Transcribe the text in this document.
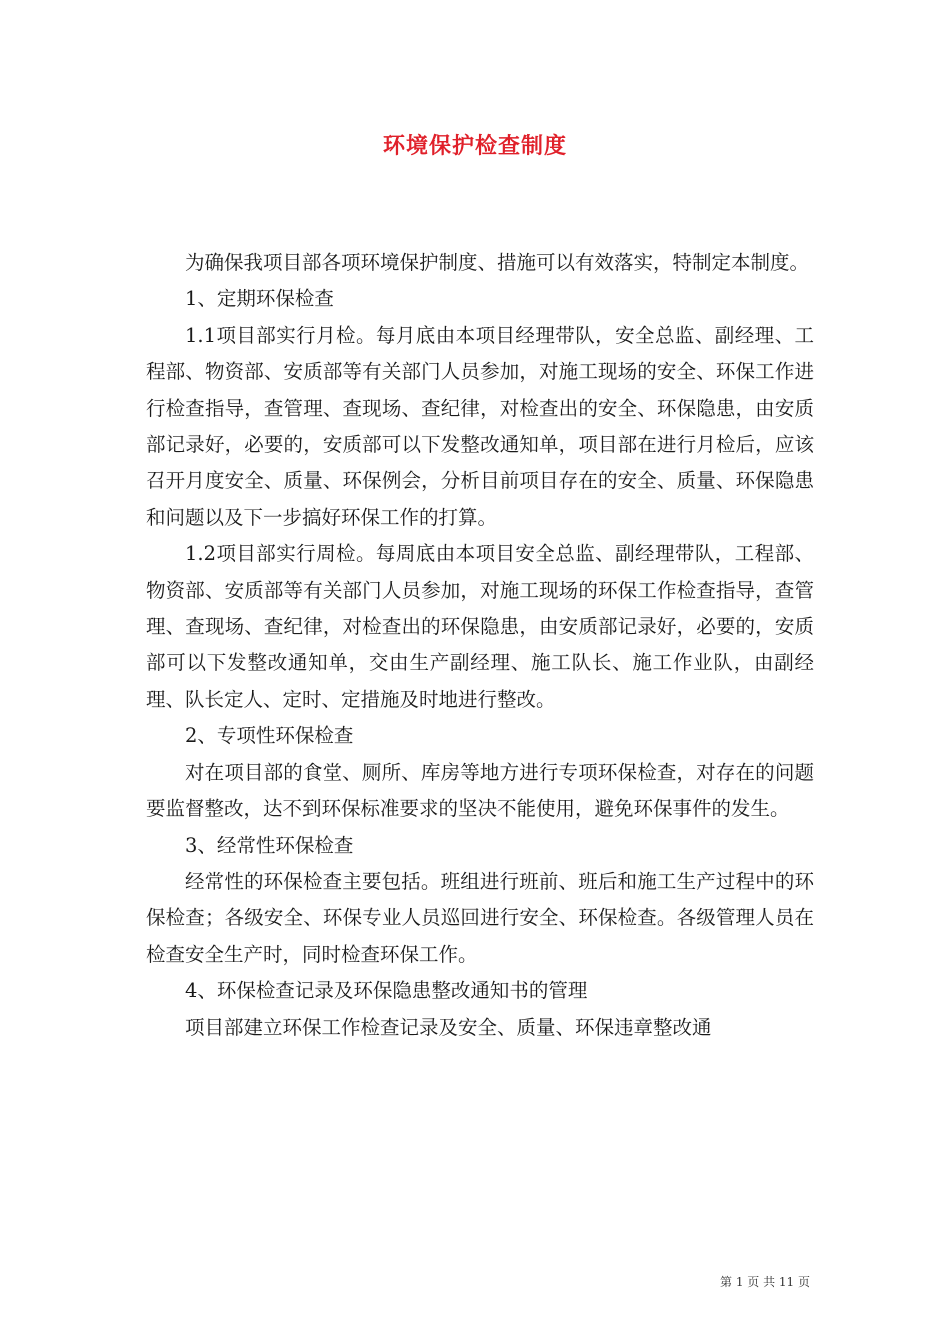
环境保护检查制度

为确保我项目部各项环境保护制度、措施可以有效落实，特制定本制度。

1、定期环保检查

1.1项目部实行月检。每月底由本项目经理带队，安全总监、副经理、工程部、物资部、安质部等有关部门人员参加，对施工现场的安全、环保工作进行检查指导，查管理、查现场、查纪律，对检查出的安全、环保隐患，由安质部记录好，必要的，安质部可以下发整改通知单，项目部在进行月检后，应该召开月度安全、质量、环保例会，分析目前项目存在的安全、质量、环保隐患和问题以及下一步搞好环保工作的打算。

1.2项目部实行周检。每周底由本项目安全总监、副经理带队，工程部、物资部、安质部等有关部门人员参加，对施工现场的环保工作检查指导，查管理、查现场、查纪律，对检查出的环保隐患，由安质部记录好，必要的，安质部可以下发整改通知单，交由生产副经理、施工队长、施工作业队，由副经理、队长定人、定时、定措施及时地进行整改。

2、专项性环保检查

对在项目部的食堂、厕所、库房等地方进行专项环保检查，对存在的问题要监督整改，达不到环保标准要求的坚决不能使用，避免环保事件的发生。

3、经常性环保检查

经常性的环保检查主要包括。班组进行班前、班后和施工生产过程中的环保检查；各级安全、环保专业人员巡回进行安全、环保检查。各级管理人员在检查安全生产时，同时检查环保工作。

4、环保检查记录及环保隐患整改通知书的管理

项目部建立环保工作检查记录及安全、质量、环保违章整改通

第 1 页 共 11 页
